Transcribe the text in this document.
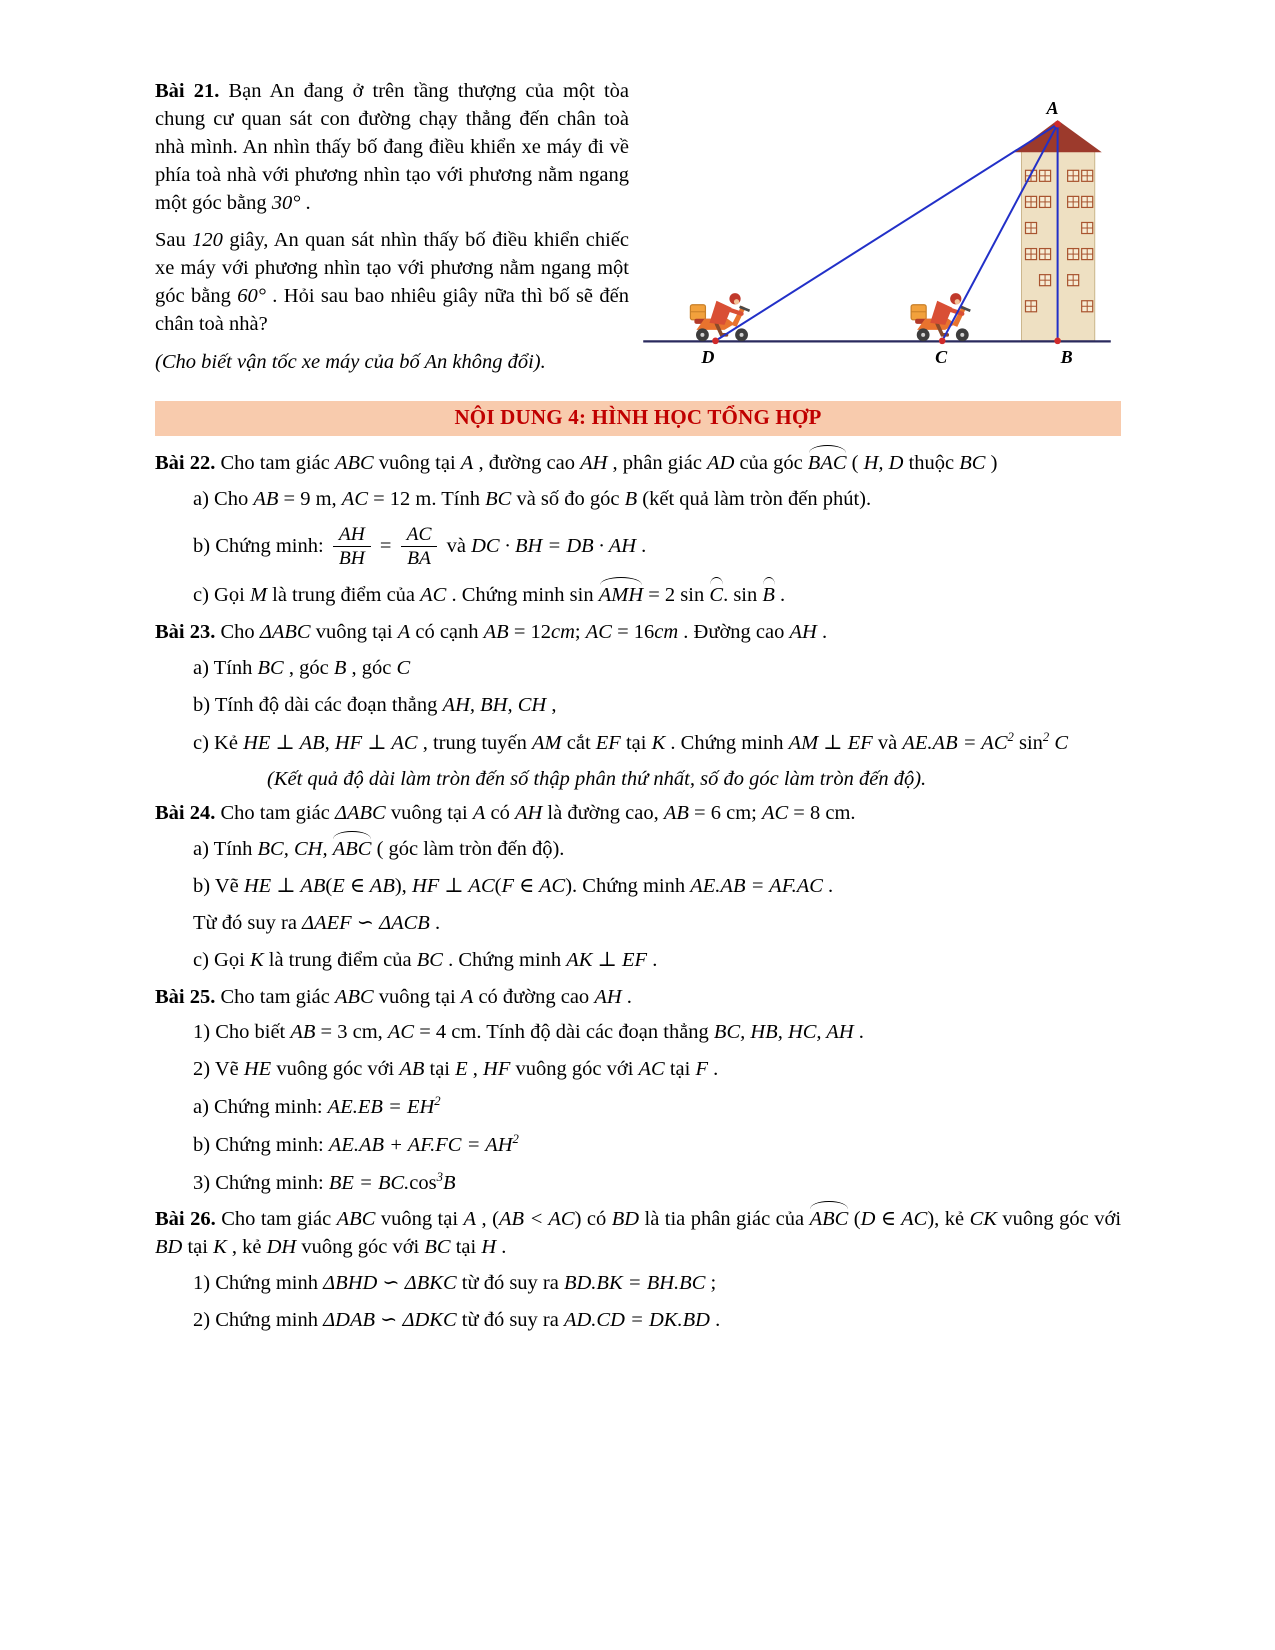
Bài 21. Bạn An đang ở trên tầng thượng của một tòa chung cư quan sát con đường chạy thẳng đến chân toà nhà mình. An nhìn thấy bố đang điều khiển xe máy đi về phía toà nhà với phương nhìn tạo với phương nằm ngang một góc bằng 30° .

Sau 120 giây, An quan sát nhìn thấy bố điều khiển chiếc xe máy với phương nhìn tạo với phương nằm ngang một góc bằng 60° . Hỏi sau bao nhiêu giây nữa thì bố sẽ đến chân toà nhà?

(Cho biết vận tốc xe máy của bố An không đổi).

A
D	C	B
NỘI DUNG 4: HÌNH HỌC TỔNG HỢP

Bài 22. Cho tam giác ABC vuông tại A , đường cao AH , phân giác AD của góc BAC ( H, D thuộc BC )

a) Cho AB = 9 m, AC = 12 m. Tính BC và số đo góc B (kết quả làm tròn đến phút).

b) Chứng minh: $\frac{AH}{BH} = \frac{AC}{BA}$ và DC · BH = DB · AH .

c) Gọi M là trung điểm của AC . Chứng minh sin AMH = 2 sin C. sin B .

Bài 23. Cho ΔABC vuông tại A có cạnh AB = 12cm; AC = 16cm . Đường cao AH .

a) Tính BC , góc B , góc C

b) Tính độ dài các đoạn thẳng AH, BH, CH ,

c) Kẻ HE ⊥ AB, HF ⊥ AC , trung tuyến AM cắt EF tại K . Chứng minh AM ⊥ EF và $AE.AB = AC^2$ $\sin^2 C$

(Kết quả độ dài làm tròn đến số thập phân thứ nhất, số đo góc làm tròn đến độ).

Bài 24. Cho tam giác ΔABC vuông tại A có AH là đường cao, AB = 6 cm; AC = 8 cm.

a) Tính BC, CH, ABC ( góc làm tròn đến độ).

b) Vẽ HE ⊥ AB(E ∈ AB), HF ⊥ AC(F ∈ AC). Chứng minh AE.AB = AF.AC .

Từ đó suy ra ΔAEF ∽ ΔACB .

c) Gọi K là trung điểm của BC . Chứng minh AK ⊥ EF .

Bài 25. Cho tam giác ABC vuông tại A có đường cao AH .

1) Cho biết AB = 3 cm, AC = 4 cm. Tính độ dài các đoạn thẳng BC, HB, HC, AH .

2) Vẽ HE vuông góc với AB tại E , HF vuông góc với AC tại F .

a) Chứng minh: $AE.EB = EH^2$

b) Chứng minh: $AE.AB + AF.FC = AH^2$

3) Chứng minh: BE = $BC.\cos^3B$

Bài 26. Cho tam giác ABC vuông tại A , (AB < AC) có BD là tia phân giác của ABC (D ∈ AC), kẻ CK vuông góc với BD tại K , kẻ DH vuông góc với BC tại H .

1) Chứng minh ΔBHD ∽ ΔBKC từ đó suy ra BD.BK = BH.BC ;

2) Chứng minh ΔDAB ∽ ΔDKC từ đó suy ra AD.CD = DK.BD .
